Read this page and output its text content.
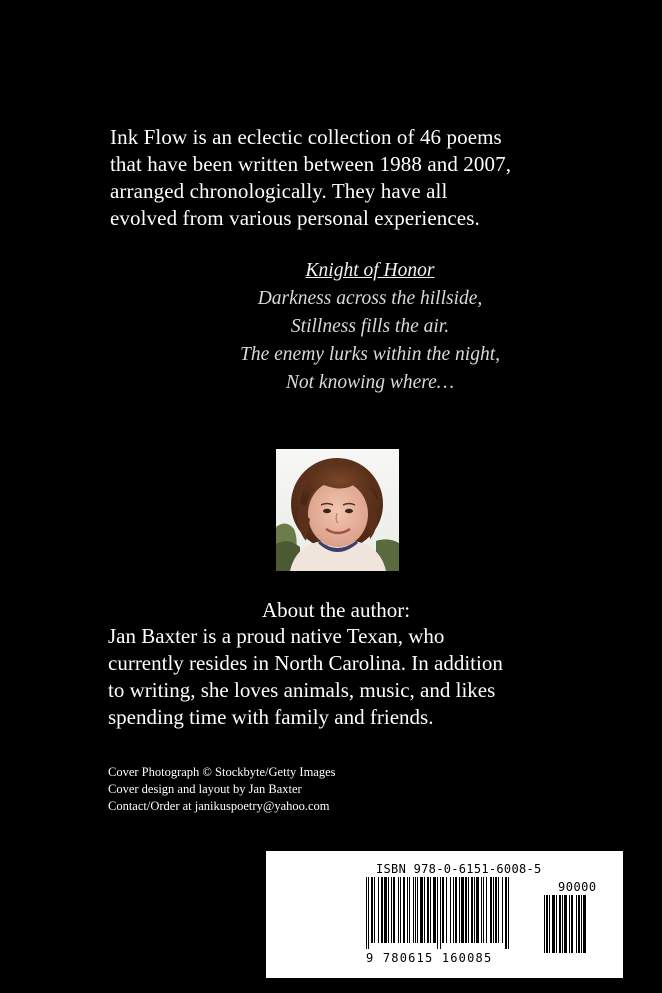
Ink Flow is an eclectic collection of 46 poems
that have been written between 1988 and 2007,
arranged chronologically. They have all
evolved from various personal experiences.
Knight of Honor
Darkness across the hillside,
Stillness fills the air.
The enemy lurks within the night,
Not knowing where…
About the author:
Jan Baxter is a proud native Texan, who
currently resides in North Carolina. In addition
to writing, she loves animals, music, and likes
spending time with family and friends.
Cover Photograph © Stockbyte/Getty Images
Cover design and layout by Jan Baxter
Contact/Order at janikuspoetry@yahoo.com
ISBN 978-0-6151-6008-5
90000
9 780615 160085
